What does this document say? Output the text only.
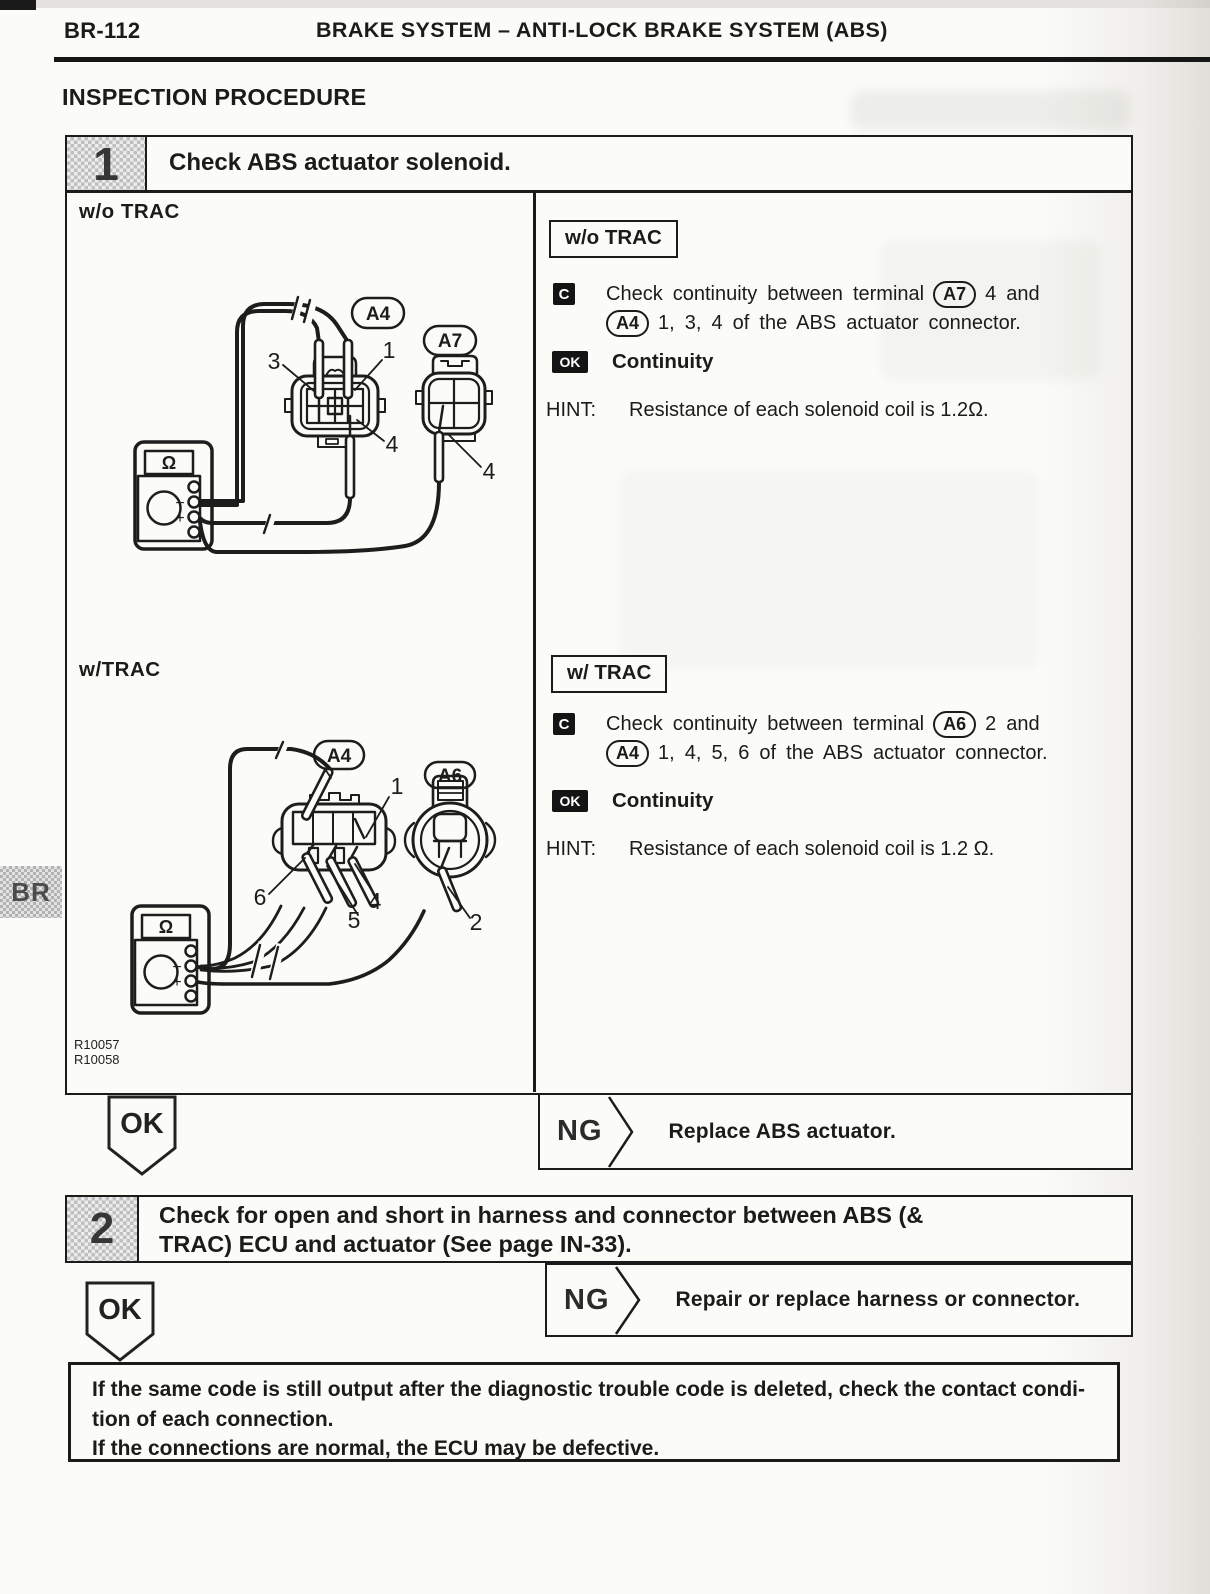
BR-112	BRAKE SYSTEM – ANTI-LOCK BRAKE SYSTEM (ABS)
INSPECTION PROCEDURE
1	Check ABS actuator solenoid.
w/o TRAC
w/TRAC
Ω
−
+
3	1
4
4
A4
A7
Ω
−
+
1
6
5
4
2
A4
A6
R10057
R10058
w/o TRAC
C Check continuity between terminal	A7 4 and
A4 1, 3, 4 of the ABS actuator connector.
OK	Continuity
HINT: Resistance of each solenoid coil is 1.2Ω.
w/ TRAC
C Check continuity between terminal	A6 2 and
A4 1, 4, 5, 6 of the ABS actuator connector.
OK	Continuity
HINT: Resistance of each solenoid coil is 1.2 Ω.
NG	Replace ABS actuator.
OK
2	Check for open and short in harness and connector between ABS (&
TRAC) ECU and actuator (See page IN-33).
OK	NG	Repair or replace harness or connector.
If the same code is still output after the diagnostic trouble code is deleted, check the contact condi-
tion of each connection.
If the connections are normal, the ECU may be defective.
BR
